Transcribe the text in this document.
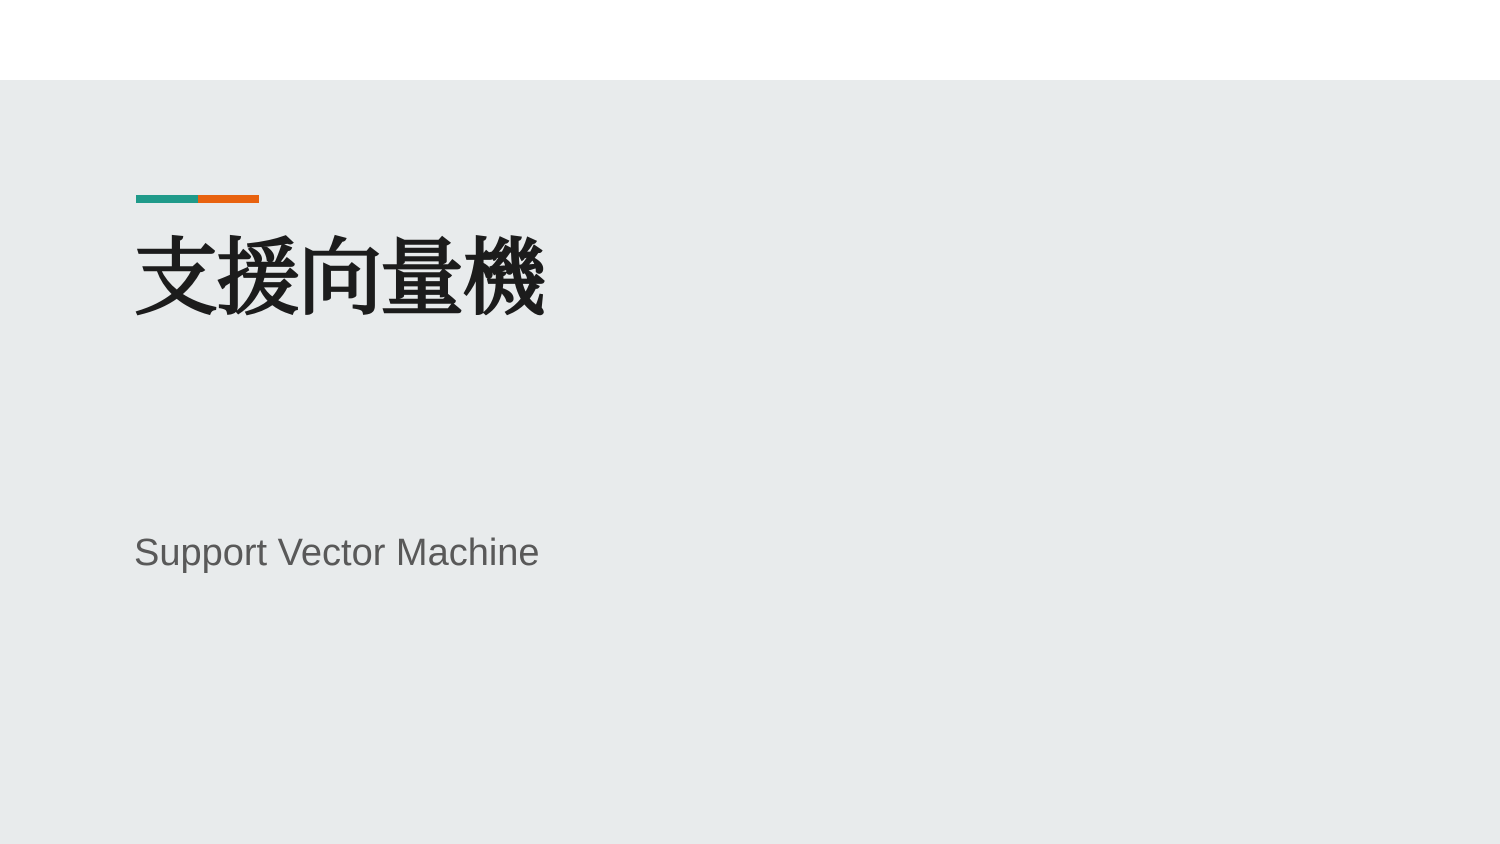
支援向量機

Support Vector Machine
